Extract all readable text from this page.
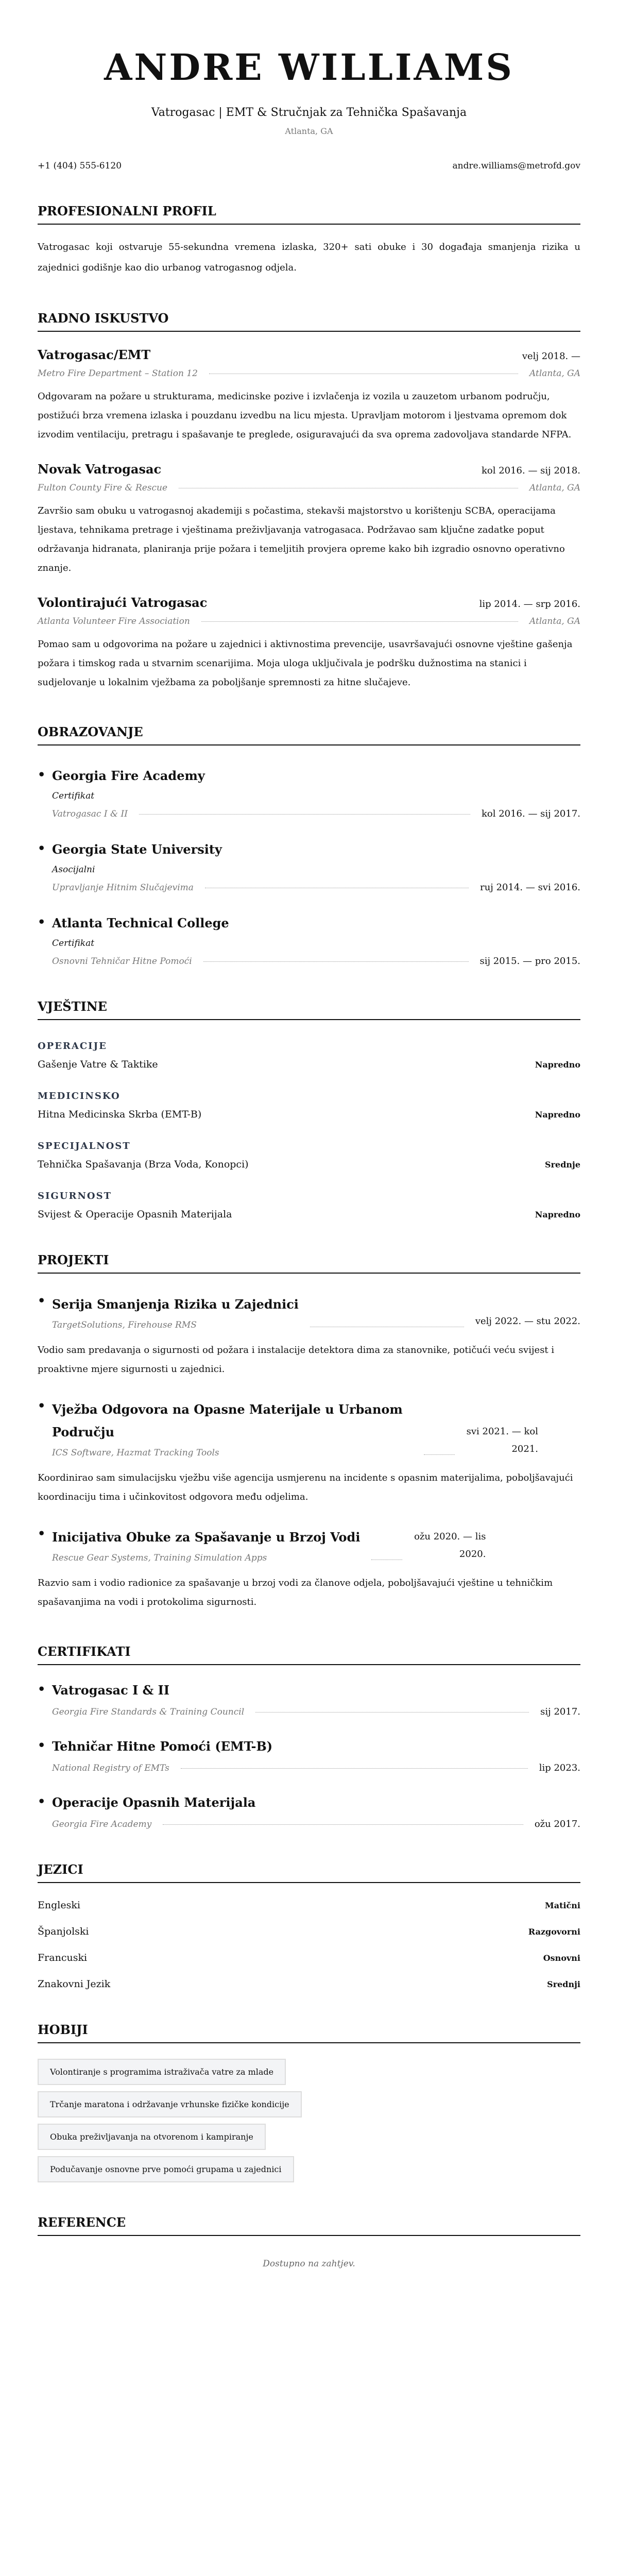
ANDRE WILLIAMS
Vatrogasac | EMT & Stručnjak za Tehnička Spašavanja
Atlanta, GA
+1 (404) 555-6120	andre.williams@metrofd.gov
PROFESIONALNI PROFIL
Vatrogasac koji ostvaruje 55-sekundna vremena izlaska, 320+ sati obuke i 30 događaja smanjenja rizika u zajednici godišnje kao dio urbanog vatrogasnog odjela.
RADNO ISKUSTVO
Vatrogasac/EMT	velj 2018. —
Metro Fire Department – Station 12	Atlanta, GA
Odgovaram na požare u strukturama, medicinske pozive i izvlačenja iz vozila u zauzetom urbanom području, postižući brza vremena izlaska i pouzdanu izvedbu na licu mjesta. Upravljam motorom i ljestvama opremom dok izvodim ventilaciju, pretragu i spašavanje te preglede, osiguravajući da sva oprema zadovoljava standarde NFPA.
Novak Vatrogasac	kol 2016. — sij 2018.
Fulton County Fire & Rescue	Atlanta, GA
Završio sam obuku u vatrogasnoj akademiji s počastima, stekavši majstorstvo u korištenju SCBA, operacijama ljestava, tehnikama pretrage i vještinama preživljavanja vatrogasaca. Podržavao sam ključne zadatke poput održavanja hidranata, planiranja prije požara i temeljitih provjera opreme kako bih izgradio osnovno operativno znanje.
Volontirajući Vatrogasac	lip 2014. — srp 2016.
Atlanta Volunteer Fire Association	Atlanta, GA
Pomao sam u odgovorima na požare u zajednici i aktivnostima prevencije, usavršavajući osnovne vještine gašenja požara i timskog rada u stvarnim scenarijima. Moja uloga uključivala je podršku dužnostima na stanici i sudjelovanje u lokalnim vježbama za poboljšanje spremnosti za hitne slučajeve.
OBRAZOVANJE
• Georgia Fire Academy
Certifikat
Vatrogasac I & II	kol 2016. — sij 2017.
• Georgia State University
Asocijalni
Upravljanje Hitnim Slučajevima	ruj 2014. — svi 2016.
• Atlanta Technical College
Certifikat
Osnovni Tehničar Hitne Pomoći	sij 2015. — pro 2015.
VJEŠTINE
OPERACIJE
Gašenje Vatre & Taktike	Napredno
MEDICINSKO
Hitna Medicinska Skrba (EMT-B)	Napredno
SPECIJALNOST
Tehnička Spašavanja (Brza Voda, Konopci)	Srednje
SIGURNOST
Svijest & Operacije Opasnih Materijala	Napredno
PROJEKTI
• Serija Smanjenja Rizika u Zajednici
TargetSolutions, Firehouse RMS	velj 2022. — stu 2022.
Vodio sam predavanja o sigurnosti od požara i instalacije detektora dima za stanovnike, potičući veću svijest i proaktivne mjere sigurnosti u zajednici.
• Vježba Odgovora na Opasne Materijale u Urbanom Području
ICS Software, Hazmat Tracking Tools
svi 2021. — kol 2021.
Koordinirao sam simulacijsku vježbu više agencija usmjerenu na incidente s opasnim materijalima, poboljšavajući koordinaciju tima i učinkovitost odgovora među odjelima.
• Inicijativa Obuke za Spašavanje u Brzoj Vodi
Rescue Gear Systems, Training Simulation Apps
ožu 2020. — lis 2020.
Razvio sam i vodio radionice za spašavanje u brzoj vodi za članove odjela, poboljšavajući vještine u tehničkim spašavanjima na vodi i protokolima sigurnosti.
CERTIFIKATI
• Vatrogasac I & II
Georgia Fire Standards & Training Council	sij 2017.
• Tehničar Hitne Pomoći (EMT-B)
National Registry of EMTs	lip 2023.
• Operacije Opasnih Materijala
Georgia Fire Academy	ožu 2017.
JEZICI
Engleski	Matični
Španjolski	Razgovorni
Francuski	Osnovni
Znakovni Jezik	Srednji
HOBIJI
Volontiranje s programima istraživača vatre za mlade
Trčanje maratona i održavanje vrhunske fizičke kondicije
Obuka preživljavanja na otvorenom i kampiranje
Podučavanje osnovne prve pomoći grupama u zajednici
REFERENCE
Dostupno na zahtjev.
